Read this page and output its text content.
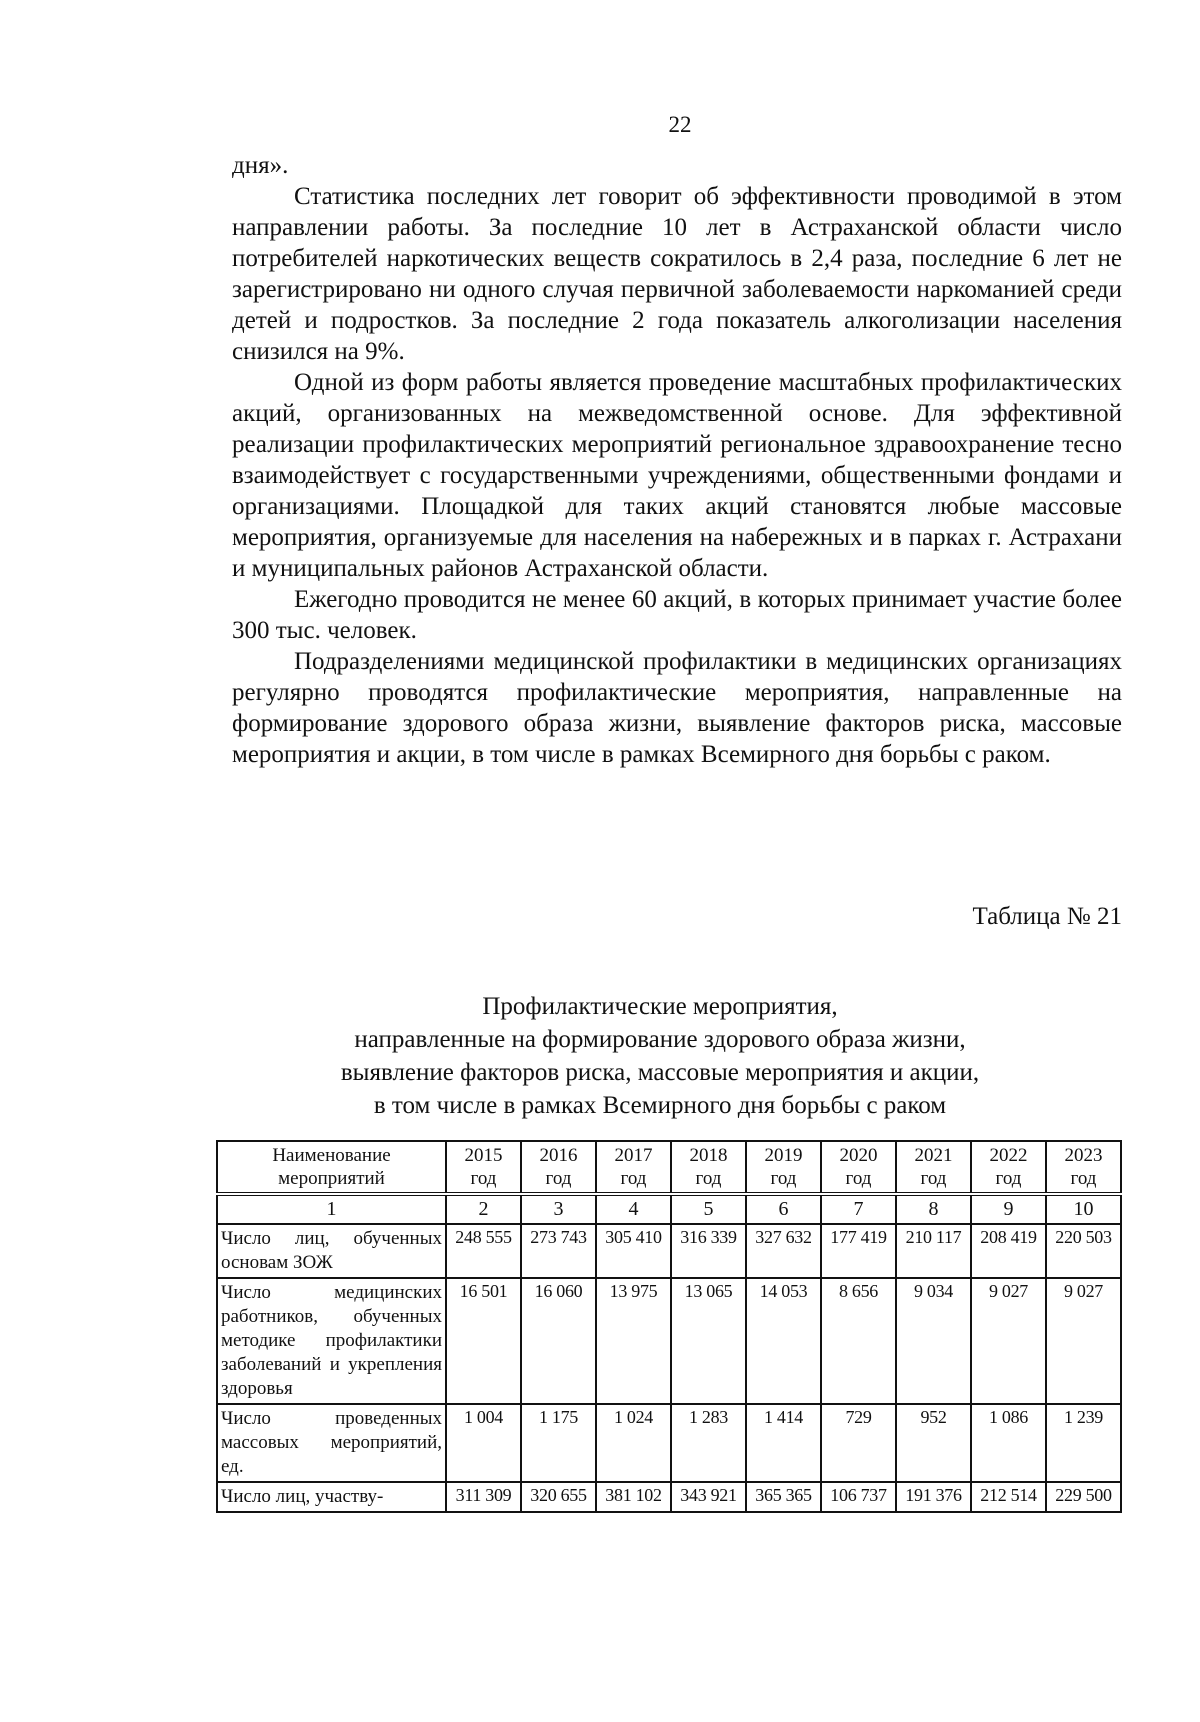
22

дня».

Статистика последних лет говорит об эффективности проводимой в этом направлении работы. За последние 10 лет в Астраханской области число потребителей наркотических веществ сократилось в 2,4 раза, последние 6 лет не зарегистрировано ни одного случая первичной заболеваемости наркоманией среди детей и подростков. За последние 2 года показатель алкоголизации населения снизился на 9%.

Одной из форм работы является проведение масштабных профилактических акций, организованных на межведомственной основе. Для эффективной реализации профилактических мероприятий региональное здравоохранение тесно взаимодействует с государственными учреждениями, общественными фондами и организациями. Площадкой для таких акций становятся любые массовые мероприятия, организуемые для населения на набережных и в парках г. Астрахани и муниципальных районов Астраханской области.

Ежегодно проводится не менее 60 акций, в которых принимает участие более 300 тыс. человек.

Подразделениями медицинской профилактики в медицинских организациях регулярно проводятся профилактические мероприятия, направленные на формирование здорового образа жизни, выявление факторов риска, массовые мероприятия и акции, в том числе в рамках Всемирного дня борьбы с раком.

Таблица № 21
Профилактические мероприятия,
направленные на формирование здорового образа жизни,
выявление факторов риска, массовые мероприятия и акции,
в том числе в рамках Всемирного дня борьбы с раком
Наименование мероприятий	2015 год	2016 год	2017 год	2018 год	2019 год	2020 год	2021 год	2022 год	2023 год
1	2	3	4	5	6	7	8	9	10
Число лиц, обученных основам ЗОЖ	248 555	273 743	305 410	316 339	327 632	177 419	210 117	208 419	220 503
Число медицинских работников, обученных методике профилактики заболеваний и укрепления здоровья	16 501	16 060	13 975	13 065	14 053	8 656	9 034	9 027	9 027
Число проведенных массовых мероприятий, ед.	1 004	1 175	1 024	1 283	1 414	729	952	1 086	1 239
Число лиц, участву-	311 309	320 655	381 102	343 921	365 365	106 737	191 376	212 514	229 500
